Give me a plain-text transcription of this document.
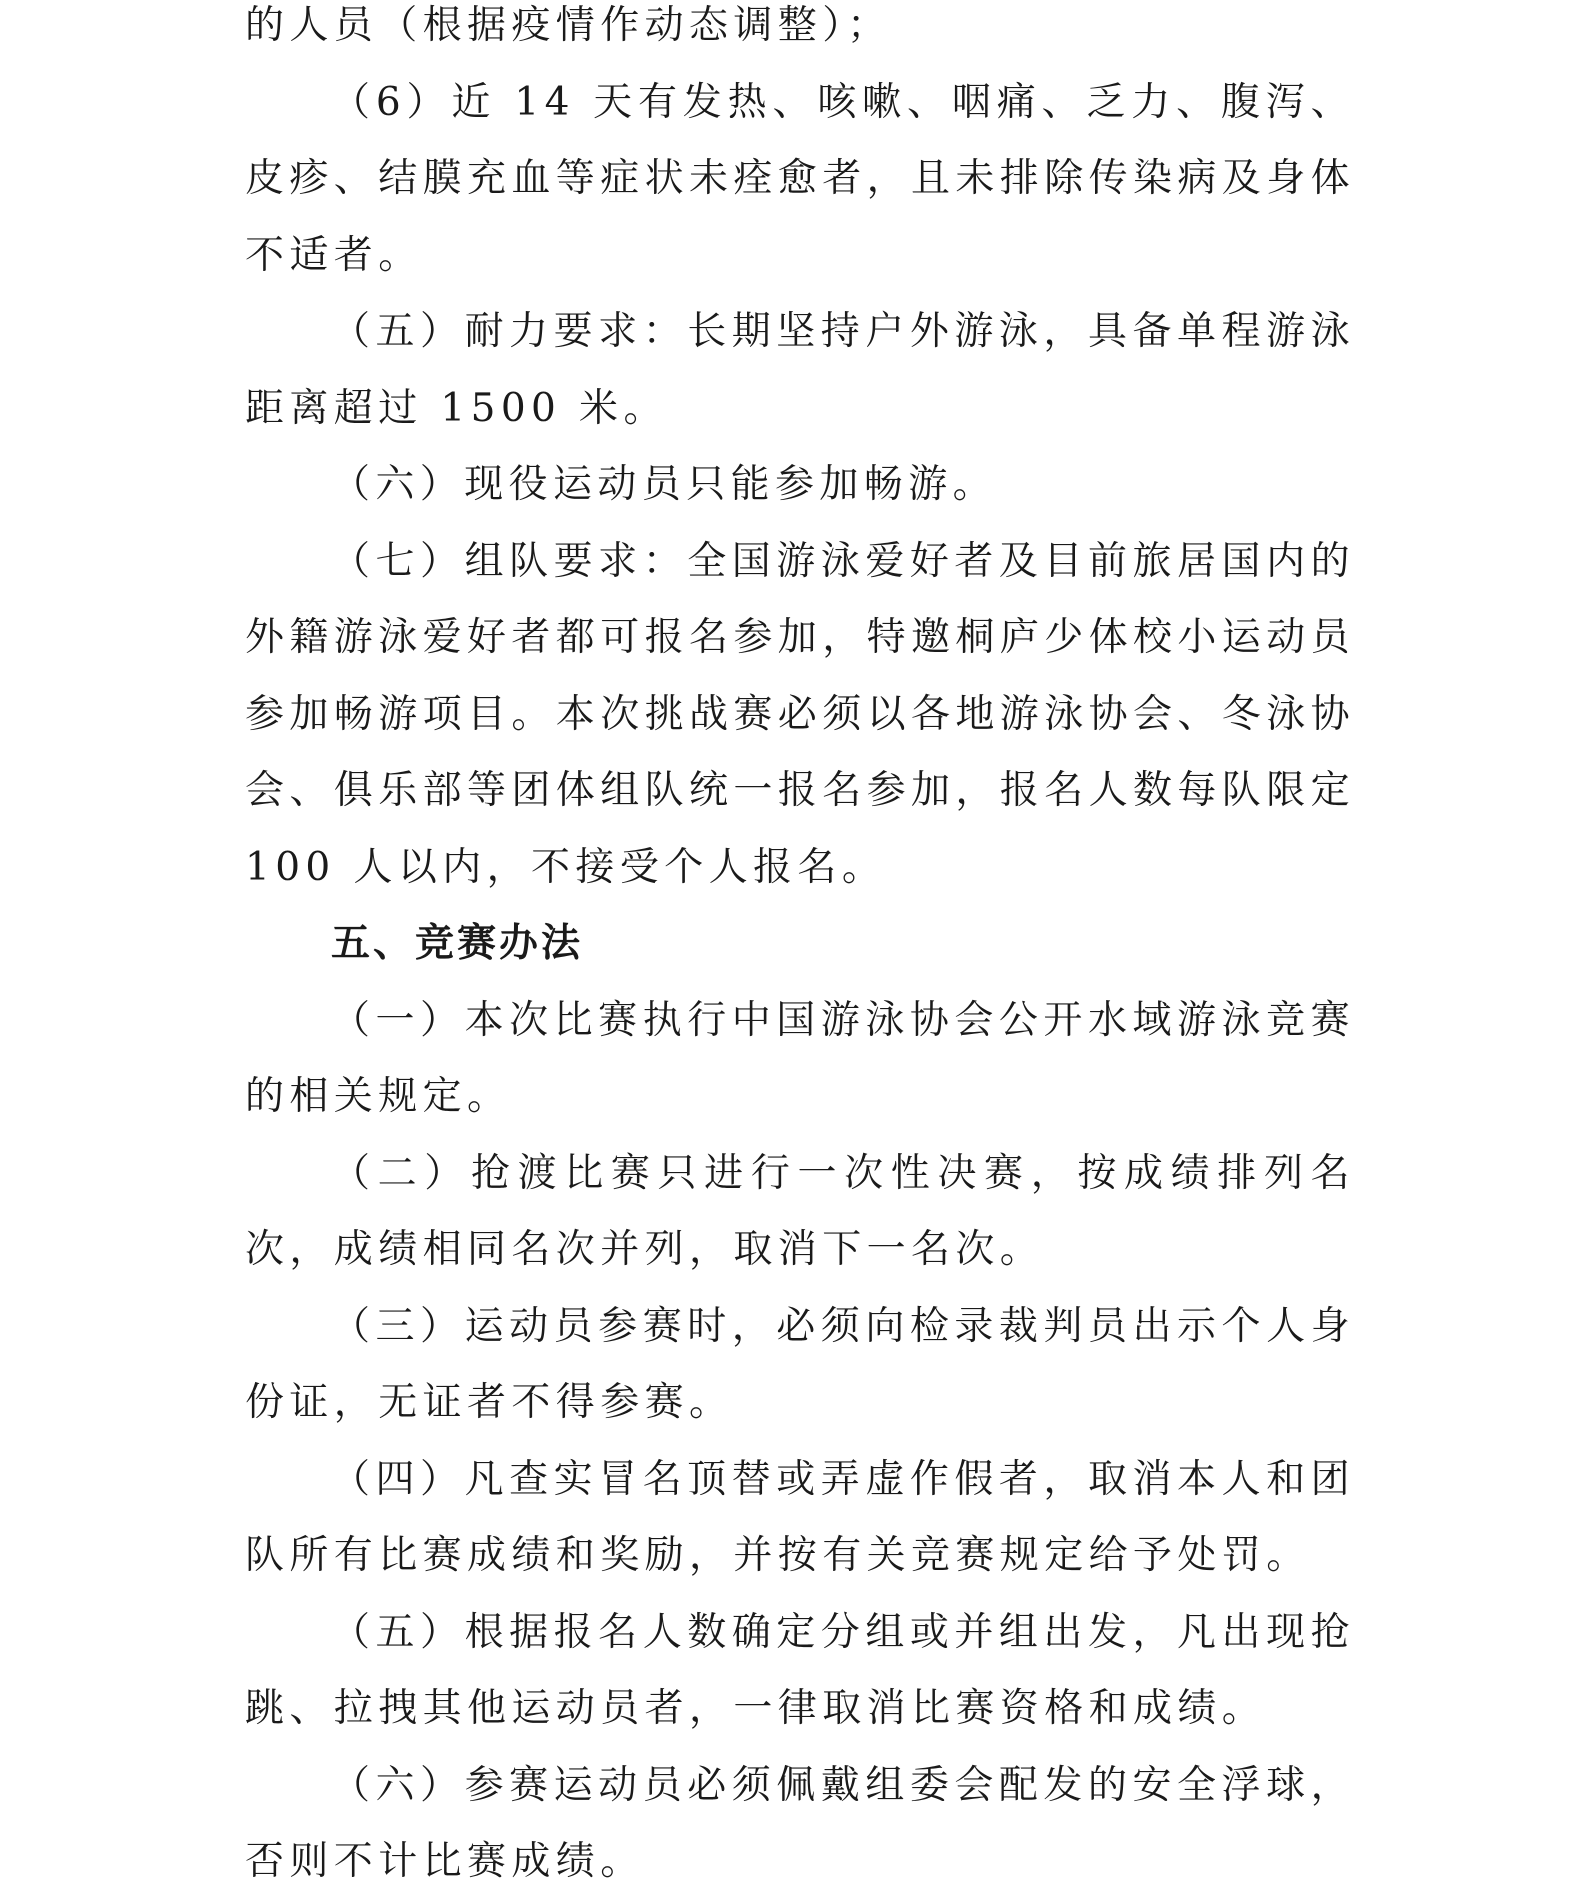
的人员（根据疫情作动态调整）；

（6）近 14 天有发热、咳嗽、咽痛、乏力、腹泻、皮疹、结膜充血等症状未痊愈者，且未排除传染病及身体不适者。

（五）耐力要求：长期坚持户外游泳，具备单程游泳距离超过 1500 米。

（六）现役运动员只能参加畅游。

（七）组队要求：全国游泳爱好者及目前旅居国内的外籍游泳爱好者都可报名参加，特邀桐庐少体校小运动员参加畅游项目。本次挑战赛必须以各地游泳协会、冬泳协会、俱乐部等团体组队统一报名参加，报名人数每队限定 100 人以内，不接受个人报名。

五、竞赛办法

（一）本次比赛执行中国游泳协会公开水域游泳竞赛的相关规定。

（二）抢渡比赛只进行一次性决赛，按成绩排列名次，成绩相同名次并列，取消下一名次。

（三）运动员参赛时，必须向检录裁判员出示个人身份证，无证者不得参赛。

（四）凡查实冒名顶替或弄虚作假者，取消本人和团队所有比赛成绩和奖励，并按有关竞赛规定给予处罚。

（五）根据报名人数确定分组或并组出发，凡出现抢跳、拉拽其他运动员者，一律取消比赛资格和成绩。

（六）参赛运动员必须佩戴组委会配发的安全浮球，否则不计比赛成绩。
